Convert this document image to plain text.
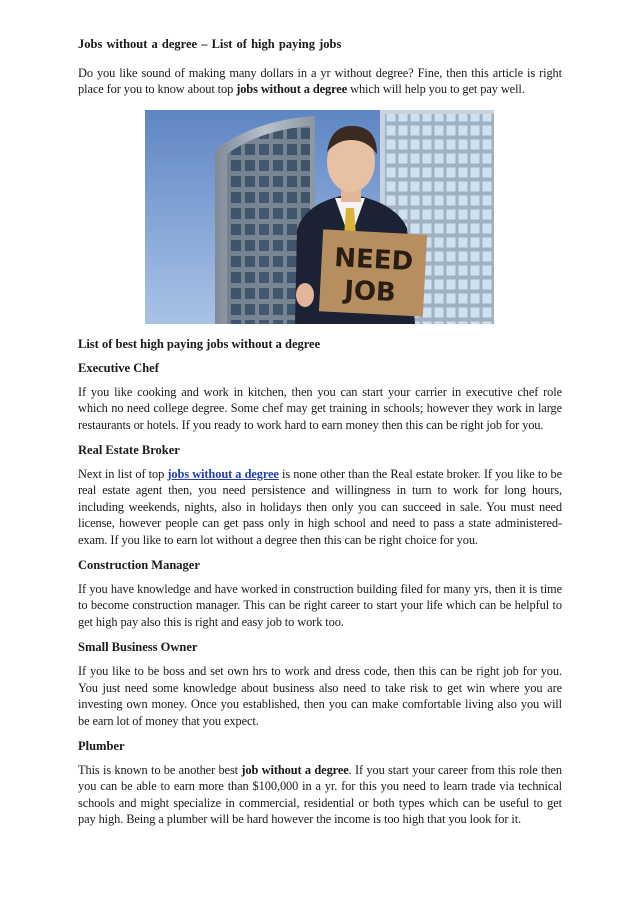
Jobs without a degree – List of high paying jobs

Do you like sound of making many dollars in a yr without degree? Fine, then this article is right place for you to know about top jobs without a degree which will help you to get pay well.

NEED
JOB
List of best high paying jobs without a degree
Executive Chef

If you like cooking and work in kitchen, then you can start your carrier in executive chef role which no need college degree. Some chef may get training in schools; however they work in large restaurants or hotels. If you ready to work hard to earn money then this can be right job for you.

Real Estate Broker

Next in list of top jobs without a degree is none other than the Real estate broker. If you like to be real estate agent then, you need persistence and willingness in turn to work for long hours, including weekends, nights, also in holidays then only you can succeed in sale. You must need license, however people can get pass only in high school and need to pass a state administered-exam. If you like to earn lot without a degree then this can be right choice for you.

Construction Manager

If you have knowledge and have worked in construction building filed for many yrs, then it is time to become construction manager. This can be right career to start your life which can be helpful to get high pay also this is right and easy job to work too.

Small Business Owner

If you like to be boss and set own hrs to work and dress code, then this can be right job for you. You just need some knowledge about business also need to take risk to get win where you are investing own money. Once you established, then you can make comfortable living also you will be earn lot of money that you expect.

Plumber

This is known to be another best job without a degree. If you start your career from this role then you can be able to earn more than $100,000 in a yr. for this you need to learn trade via technical schools and might specialize in commercial, residential or both types which can be useful to get pay high. Being a plumber will be hard however the income is too high that you look for it.
